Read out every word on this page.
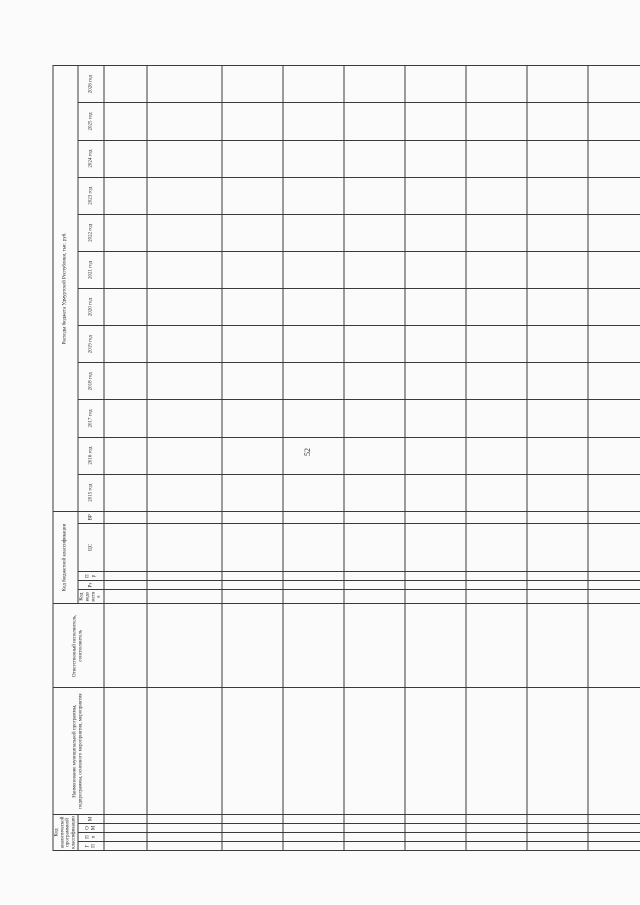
52
Код аналитической программной классификации				Наименование муниципальной программы, подпрограммы, основного мероприятия, мероприятия	Ответственный исполнитель, соисполнитель	Код бюджетной классификации					Расходы бюджета Удмуртской Республики, тыс. руб.											
ГП	Пп	ОМ	М			Код ведомства	Рз	Пр	ЦС	ВР	2015 год	2016 год	2017 год	2018 год	2019 год	2020 год	2021 год	2022 год	2023 год	2024 год	2025 год	2026 год
